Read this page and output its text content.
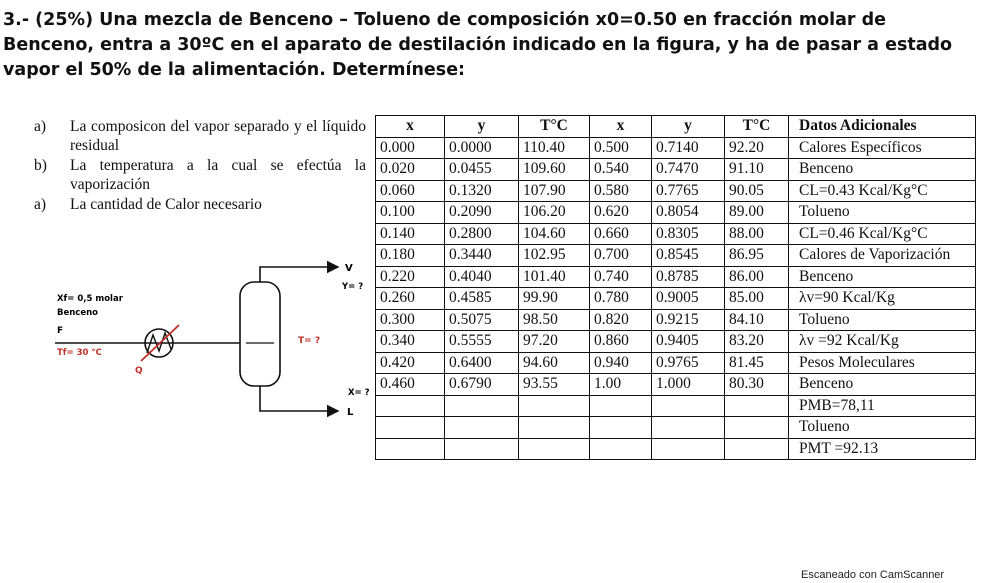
3.- (25%) Una mezcla de Benceno – Tolueno de composición x0=0.50 en fracción molar de
Benceno, entra a 30ºC en el aparato de destilación indicado en la figura, y ha de pasar a estado
vapor el 50% de la alimentación. Determínese:
a)	La composicon del vapor separado y el líquido residual
b)	La temperatura a la cual se efectúa la vaporización
a)	La cantidad de Calor necesario
Xf= 0,5 molar
Benceno
F
Tf= 30 °C
Q
T= ?
V
Y= ?
X= ?
L
x	y	T°C	x	y	T°C	Datos Adicionales
0.000	0.0000	110.40	0.500	0.7140	92.20	Calores Específicos
0.020	0.0455	109.60	0.540	0.7470	91.10	Benceno
0.060	0.1320	107.90	0.580	0.7765	90.05	CL=0.43 Kcal/Kg°C
0.100	0.2090	106.20	0.620	0.8054	89.00	Tolueno
0.140	0.2800	104.60	0.660	0.8305	88.00	CL=0.46 Kcal/Kg°C
0.180	0.3440	102.95	0.700	0.8545	86.95	Calores de Vaporización
0.220	0.4040	101.40	0.740	0.8785	86.00	Benceno
0.260	0.4585	99.90	0.780	0.9005	85.00	λv=90 Kcal/Kg
0.300	0.5075	98.50	0.820	0.9215	84.10	Tolueno
0.340	0.5555	97.20	0.860	0.9405	83.20	λv =92 Kcal/Kg
0.420	0.6400	94.60	0.940	0.9765	81.45	Pesos Moleculares
0.460	0.6790	93.55	1.00	1.000	80.30	Benceno
						PMB=78,11
						Tolueno
						PMT =92.13
Escaneado con CamScanner
